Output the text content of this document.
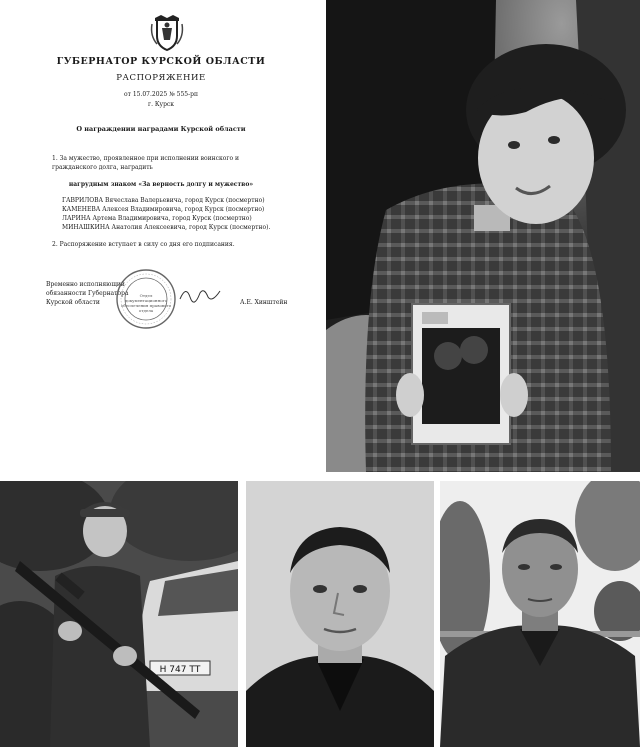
ГУБЕРНАТОР КУРСКОЙ ОБЛАСТИ
РАСПОРЯЖЕНИЕ
от 15.07.2025 № 555-рп
г. Курск
О награждении наградами Курской области
1. За мужество, проявленное при исполнении воинского и
гражданского долга, наградить
нагрудным знаком «За верность долгу и мужество»
ГАВРИЛОВА Вячеслава Валерьевича, город Курск (посмертно)
КАМЕНЕВА Алексея Владимировича, город Курск (посмертно)
ЛАРИНА Артема Владимировича, город Курск (посмертно)
МИНАШКИНА Анатолия Алексеевича, город Курск (посмертно).
2. Распоряжение вступает в силу со дня его подписания.
Временно исполняющий
обязанности Губернатора
Курской области	А.Е. Хинштейн
Отдел документационного обеспечения правового отдела
Н 747 ТТ
